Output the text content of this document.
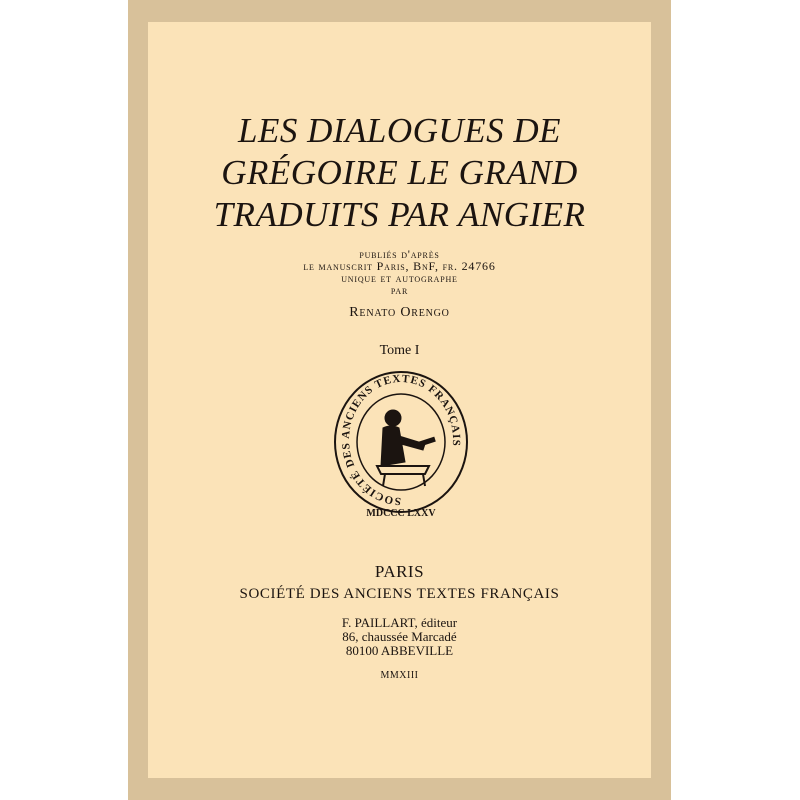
LES DIALOGUES DE
GRÉGOIRE LE GRAND
TRADUITS PAR ANGIER
publiés d'après
le manuscrit Paris, BnF, fr. 24766
unique et autographe
par
Renato Orengo
Tome I
SOCIÉTÉ DES ANCIENS TEXTES FRANÇAIS
MDCCC LXXV
PARIS
SOCIÉTÉ DES ANCIENS TEXTES FRANÇAIS
F. PAILLART, éditeur
86, chaussée Marcadé
80100 ABBEVILLE
MMXIII
